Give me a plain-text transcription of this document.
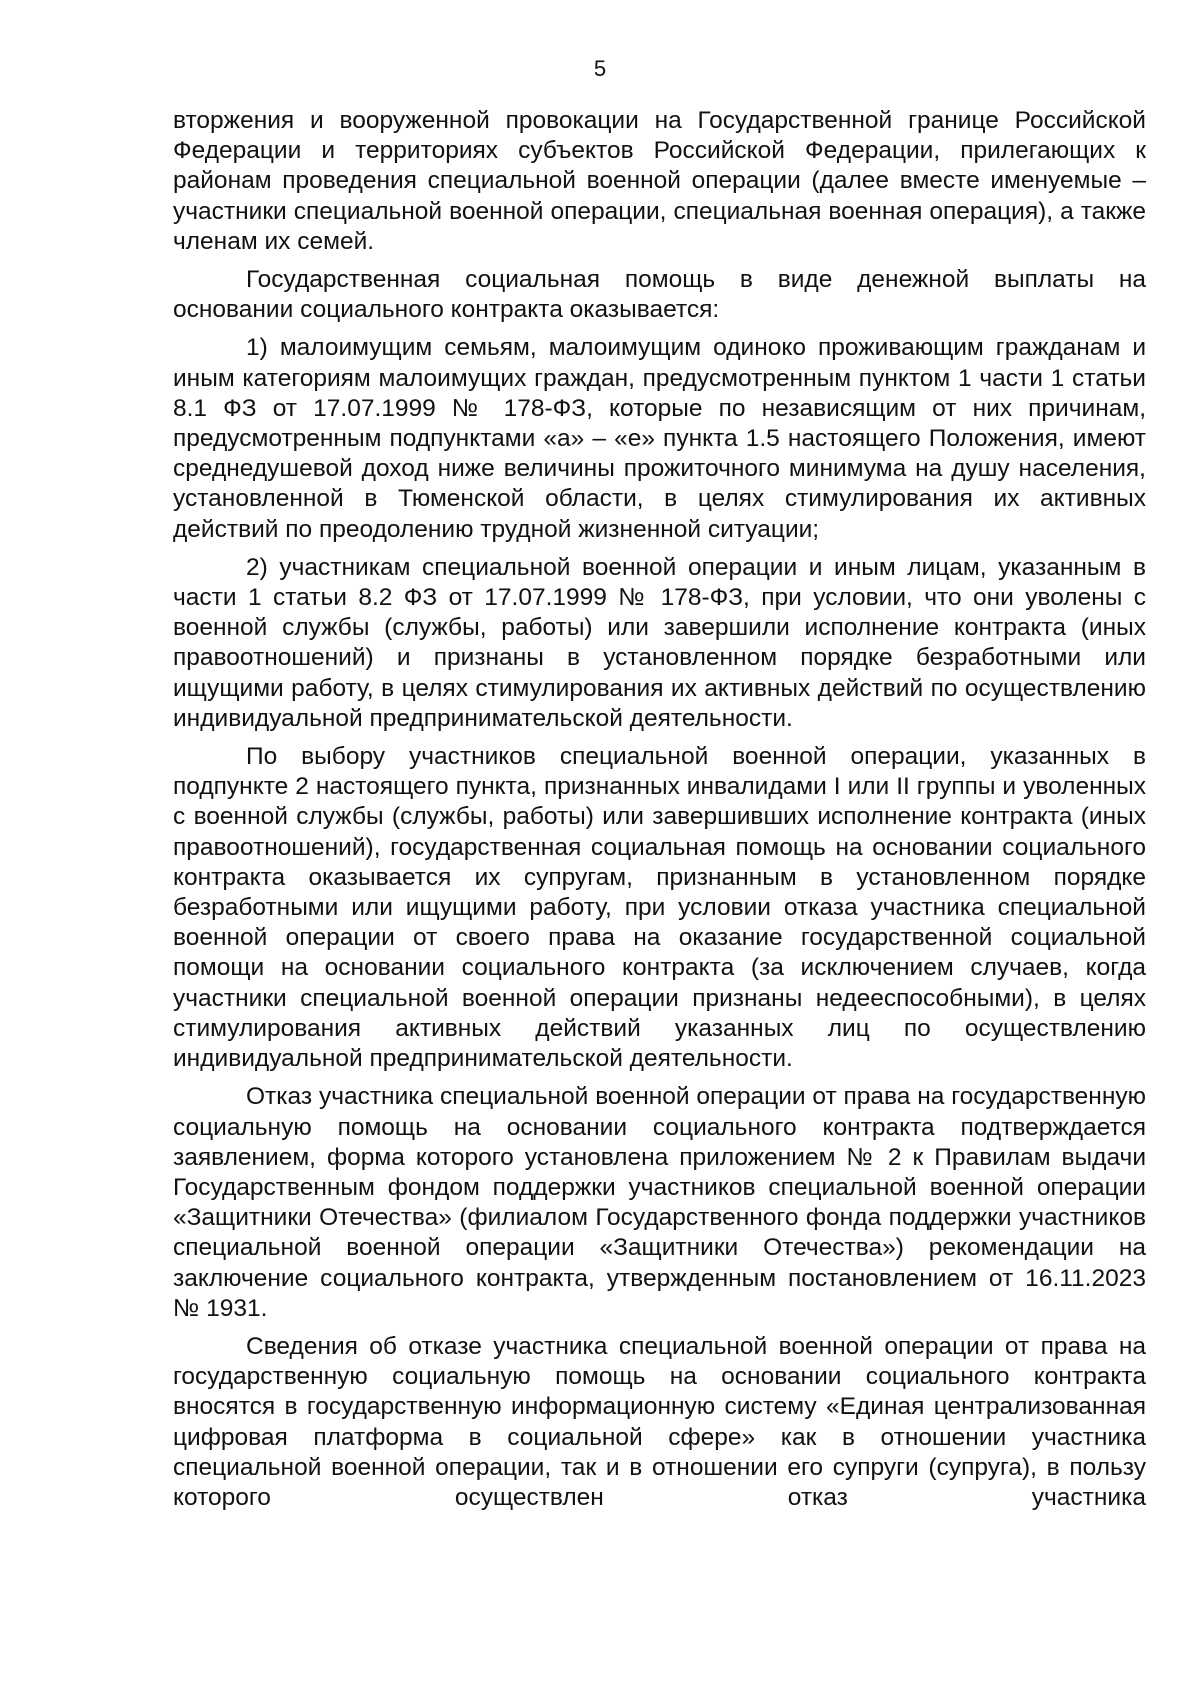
5

вторжения и вооруженной провокации на Государственной границе Российской Федерации и территориях субъектов Российской Федерации, прилегающих к районам проведения специальной военной операции (далее вместе именуемые – участники специальной военной операции, специальная военная операция), а также членам их семей.

Государственная социальная помощь в виде денежной выплаты на основании социального контракта оказывается:

1) малоимущим семьям, малоимущим одиноко проживающим гражданам и иным категориям малоимущих граждан, предусмотренным пунктом 1 части 1 статьи 8.1 ФЗ от 17.07.1999 № 178-ФЗ, которые по независящим от них причинам, предусмотренным подпунктами «а» – «е» пункта 1.5 настоящего Положения, имеют среднедушевой доход ниже величины прожиточного минимума на душу населения, установленной в Тюменской области, в целях стимулирования их активных действий по преодолению трудной жизненной ситуации;

2) участникам специальной военной операции и иным лицам, указанным в части 1 статьи 8.2 ФЗ от 17.07.1999 № 178-ФЗ, при условии, что они уволены с военной службы (службы, работы) или завершили исполнение контракта (иных правоотношений) и признаны в установленном порядке безработными или ищущими работу, в целях стимулирования их активных действий по осуществлению индивидуальной предпринимательской деятельности.

По выбору участников специальной военной операции, указанных в подпункте 2 настоящего пункта, признанных инвалидами I или II группы и уволенных с военной службы (службы, работы) или завершивших исполнение контракта (иных правоотношений), государственная социальная помощь на основании социального контракта оказывается их супругам, признанным в установленном порядке безработными или ищущими работу, при условии отказа участника специальной военной операции от своего права на оказание государственной социальной помощи на основании социального контракта (за исключением случаев, когда участники специальной военной операции признаны недееспособными), в целях стимулирования активных действий указанных лиц по осуществлению индивидуальной предпринимательской деятельности.

Отказ участника специальной военной операции от права на государственную социальную помощь на основании социального контракта подтверждается заявлением, форма которого установлена приложением № 2 к Правилам выдачи Государственным фондом поддержки участников специальной военной операции «Защитники Отечества» (филиалом Государственного фонда поддержки участников специальной военной операции «Защитники Отечества») рекомендации на заключение социального контракта, утвержденным постановлением от 16.11.2023 № 1931.

Сведения об отказе участника специальной военной операции от права на государственную социальную помощь на основании социального контракта вносятся в государственную информационную систему «Единая централизованная цифровая платформа в социальной сфере» как в отношении участника специальной военной операции, так и в отношении его супруги (супруга), в пользу которого осуществлен отказ участника
